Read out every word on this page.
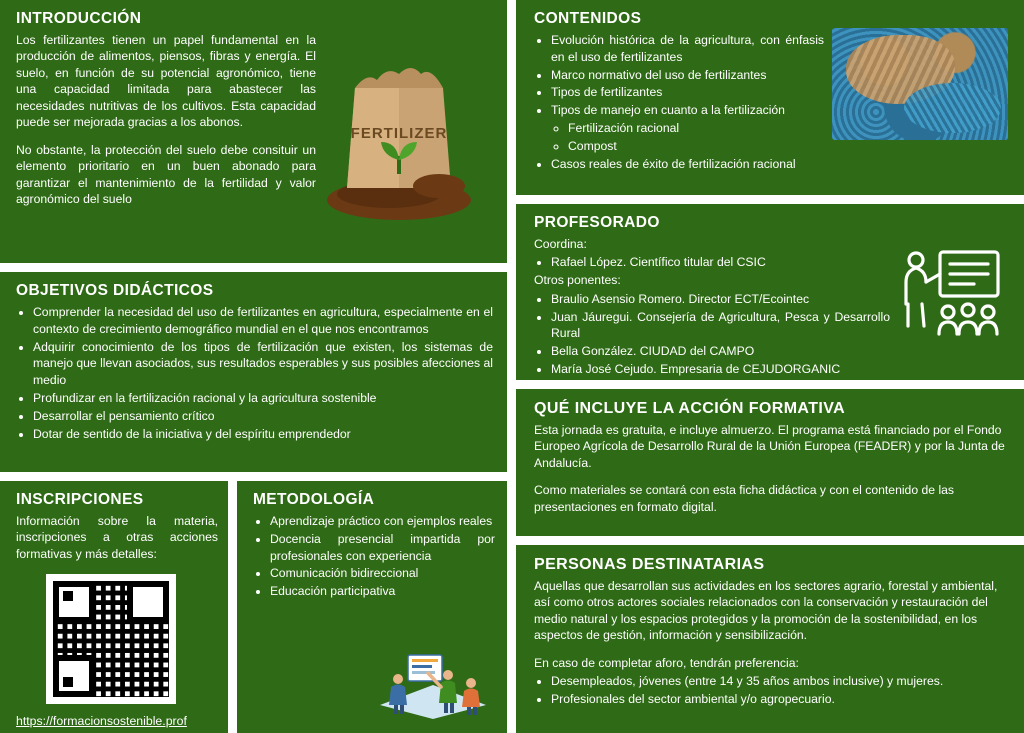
INTRODUCCIÓN

Los fertilizantes tienen un papel fundamental en la producción de alimentos, piensos, fibras y energía. El suelo, en función de su potencial agronómico, tiene una capacidad limitada para abastecer las necesidades nutritivas de los cultivos. Esta capacidad puede ser mejorada gracias a los abonos.

No obstante, la protección del suelo debe consituir un elemento prioritario en un buen abonado para garantizar el mantenimiento de la fertilidad y valor agronómico del suelo

FERTILIZER
OBJETIVOS DIDÁCTICOS
• Comprender la necesidad del uso de fertilizantes en agricultura, especialmente en el contexto de crecimiento demográfico mundial en el que nos encontramos
• Adquirir conocimiento de los tipos de fertilización que existen, los sistemas de manejo que llevan asociados, sus resultados esperables y sus posibles afecciones al medio
• Profundizar en la fertilización racional y la agricultura sostenible
• Desarrollar el pensamiento crítico
• Dotar de sentido de la iniciativa y del espíritu emprendedor
INSCRIPCIONES

Información sobre la materia, inscripciones a otras acciones formativas y más detalles:

https://formacionsostenible.prof
METODOLOGÍA
• Aprendizaje práctico con ejemplos reales
• Docencia presencial impartida por profesionales con experiencia
• Comunicación bidireccional
• Educación participativa
CONTENIDOS
• Evolución histórica de la agricultura, con énfasis en el uso de fertilizantes
• Marco normativo del uso de fertilizantes
• Tipos de fertilizantes
• Tipos de manejo en cuanto a la fertilización
◦ Fertilización racional
◦ Compost
• Casos reales de éxito de fertilización racional
PROFESORADO

Coordina:

• Rafael López. Científico titular del CSIC

Otros ponentes:

• Braulio Asensio Romero. Director ECT/Ecointec
• Juan Jáuregui. Consejería de Agricultura, Pesca y Desarrollo Rural
• Bella González. CIUDAD del CAMPO
• María José Cejudo. Empresaria de CEJUDORGANIC
QUÉ INCLUYE LA ACCIÓN FORMATIVA

Esta jornada es gratuita, e incluye almuerzo. El programa está financiado por el Fondo Europeo Agrícola de Desarrollo Rural de la Unión Europea (FEADER) y por la Junta de Andalucía.

Como materiales se contará con esta ficha didáctica y con el contenido de las presentaciones en formato digital.

PERSONAS DESTINATARIAS

Aquellas que desarrollan sus actividades en los sectores agrario, forestal y ambiental, así como otros actores sociales relacionados con la conservación y restauración del medio natural y los espacios protegidos y la promoción de la sostenibilidad, en los aspectos de gestión, información y sensibilización.

En caso de completar aforo, tendrán preferencia:

• Desempleados, jóvenes (entre 14 y 35 años ambos inclusive) y mujeres.
• Profesionales del sector ambiental y/o agropecuario.
